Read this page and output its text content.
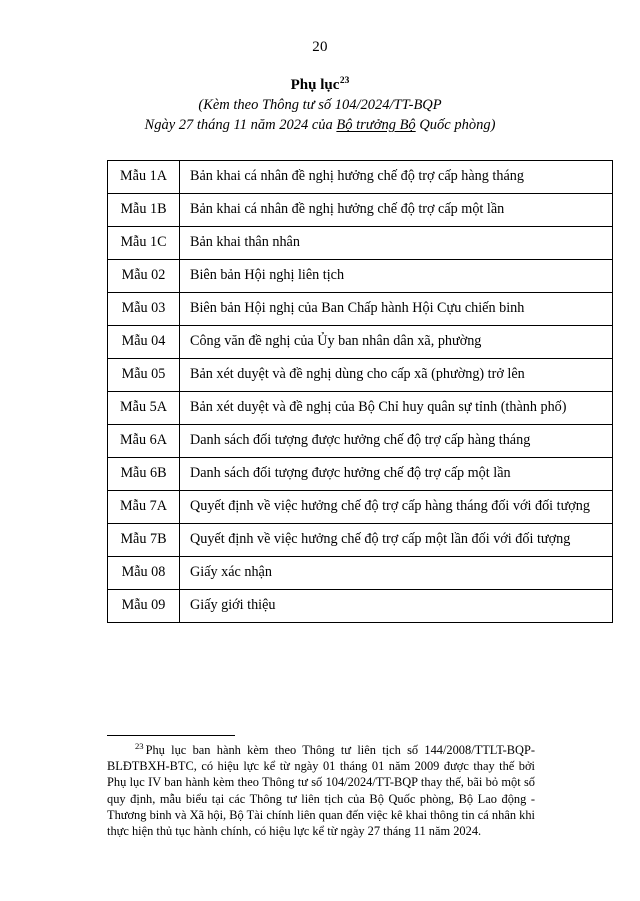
20
Phụ lục$^{23}$
(Kèm theo Thông tư số 104/2024/TT-BQP
Ngày 27 tháng 11 năm 2024 của Bộ trưởng Bộ Quốc phòng)
Mẫu 1A	Bản khai cá nhân đề nghị hưởng chế độ trợ cấp hàng tháng
Mẫu 1B	Bản khai cá nhân đề nghị hưởng chế độ trợ cấp một lần
Mẫu 1C	Bản khai thân nhân
Mẫu 02	Biên bản Hội nghị liên tịch
Mẫu 03	Biên bản Hội nghị của Ban Chấp hành Hội Cựu chiến binh
Mẫu 04	Công văn đề nghị của Ủy ban nhân dân xã, phường
Mẫu 05	Bản xét duyệt và đề nghị dùng cho cấp xã (phường) trở lên
Mẫu 5A	Bản xét duyệt và đề nghị của Bộ Chỉ huy quân sự tỉnh (thành phố)
Mẫu 6A	Danh sách đối tượng được hưởng chế độ trợ cấp hàng tháng
Mẫu 6B	Danh sách đối tượng được hưởng chế độ trợ cấp một lần
Mẫu 7A	Quyết định về việc hưởng chế độ trợ cấp hàng tháng đối với đối tượng
Mẫu 7B	Quyết định về việc hưởng chế độ trợ cấp một lần đối với đối tượng
Mẫu 08	Giấy xác nhận
Mẫu 09	Giấy giới thiệu

$^{23}$ Phụ lục ban hành kèm theo Thông tư liên tịch số 144/2008/TTLT-BQP-BLĐTBXH-BTC, có hiệu lực kể từ ngày 01 tháng 01 năm 2009 được thay thế bởi Phụ lục IV ban hành kèm theo Thông tư số 104/2024/TT-BQP thay thế, bãi bỏ một số quy định, mẫu biểu tại các Thông tư liên tịch của Bộ Quốc phòng, Bộ Lao động - Thương binh và Xã hội, Bộ Tài chính liên quan đến việc kê khai thông tin cá nhân khi thực hiện thủ tục hành chính, có hiệu lực kể từ ngày 27 tháng 11 năm 2024.
